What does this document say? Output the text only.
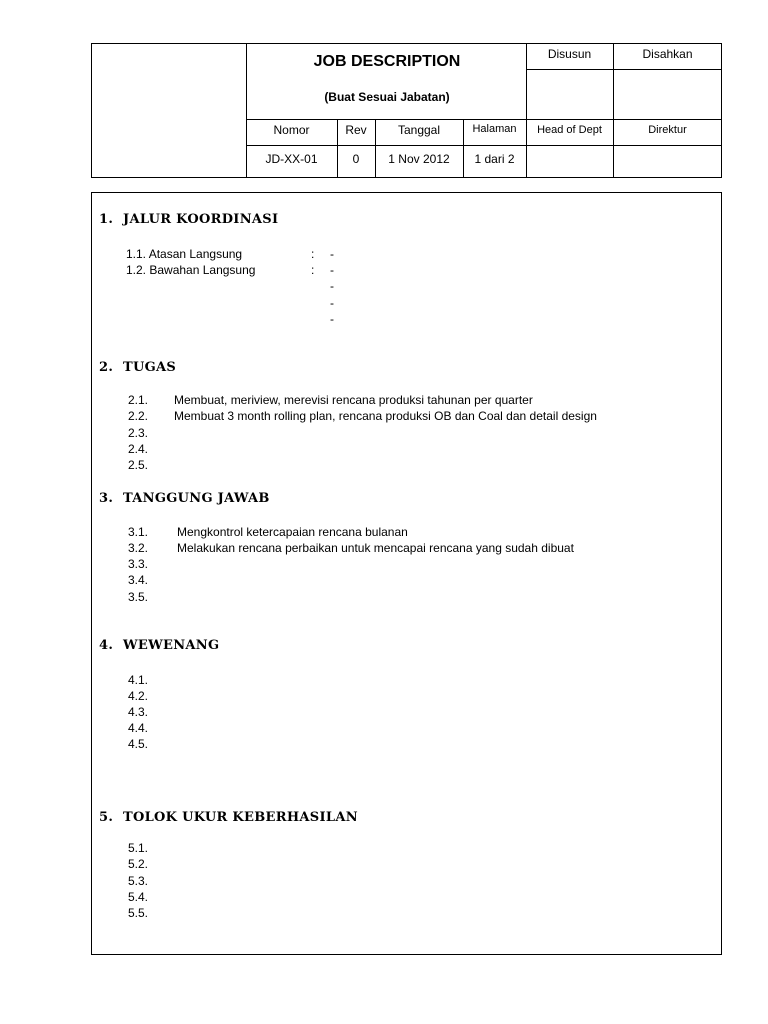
JOB DESCRIPTION
(Buat Sesuai Jabatan)
Disusun	Disahkan
Nomor	Rev	Tanggal	Halaman	Head of Dept	Direktur
JD-XX-01	0	1 Nov 2012	1 dari 2
1. JALUR KOORDINASI
1.1. Atasan Langsung	: -
1.2. Bawahan Langsung	: -
-
-
-
2. TUGAS
2.1. Membuat, meriview, merevisi rencana produksi tahunan per quarter
2.2. Membuat 3 month rolling plan, rencana produksi OB dan Coal dan detail design
2.3.
2.4.
2.5.
3. TANGGUNG JAWAB
3.1. Mengkontrol ketercapaian rencana bulanan
3.2. Melakukan rencana perbaikan untuk mencapai rencana yang sudah dibuat
3.3.
3.4.
3.5.
4. WEWENANG
4.1.
4.2.
4.3.
4.4.
4.5.
5. TOLOK UKUR KEBERHASILAN
5.1.
5.2.
5.3.
5.4.
5.5.
